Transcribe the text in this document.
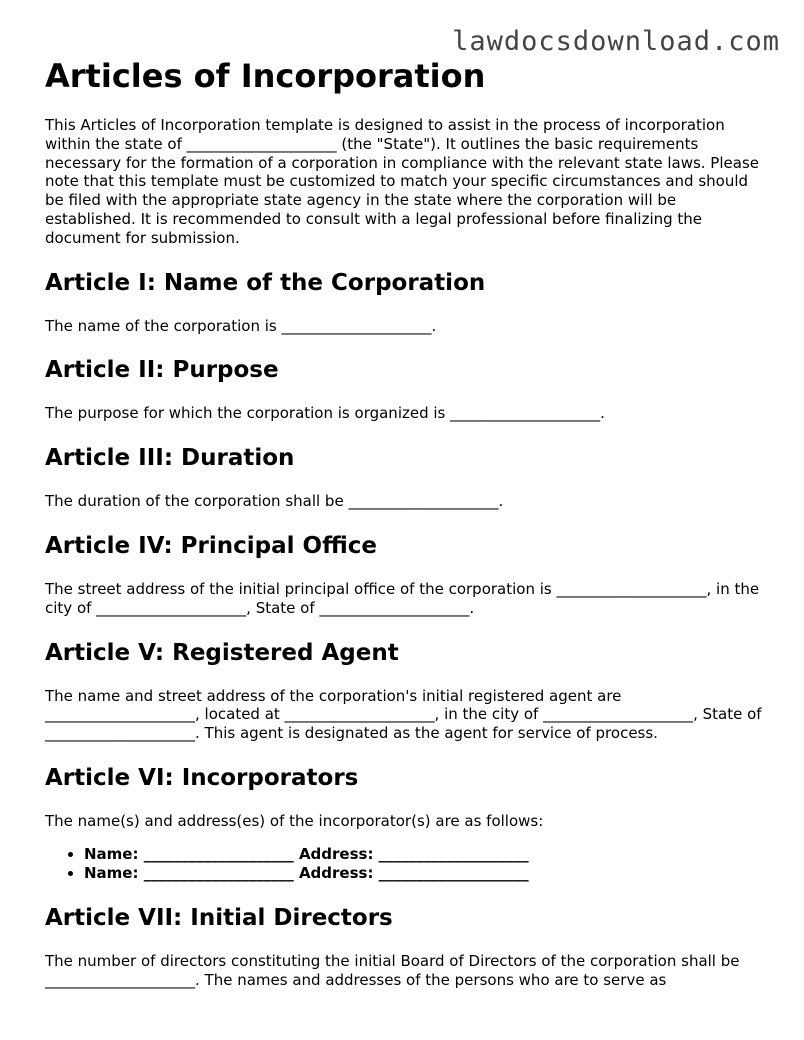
lawdocsdownload.com
Articles of Incorporation

This Articles of Incorporation template is designed to assist in the process of incorporation within the state of ____________________ (the "State"). It outlines the basic requirements necessary for the formation of a corporation in compliance with the relevant state laws. Please note that this template must be customized to match your specific circumstances and should be filed with the appropriate state agency in the state where the corporation will be established. It is recommended to consult with a legal professional before finalizing the document for submission.

Article I: Name of the Corporation

The name of the corporation is ____________________.

Article II: Purpose

The purpose for which the corporation is organized is ____________________.

Article III: Duration

The duration of the corporation shall be ____________________.

Article IV: Principal Office

The street address of the initial principal office of the corporation is ____________________, in the city of ____________________, State of ____________________.

Article V: Registered Agent

The name and street address of the corporation's initial registered agent are ____________________, located at ____________________, in the city of ____________________, State of ____________________. This agent is designated as the agent for service of process.

Article VI: Incorporators

The name(s) and address(es) of the incorporator(s) are as follows:

• Name: ____________________ Address: ____________________
• Name: ____________________ Address: ____________________
Article VII: Initial Directors

The number of directors constituting the initial Board of Directors of the corporation shall be ____________________. The names and addresses of the persons who are to serve as
